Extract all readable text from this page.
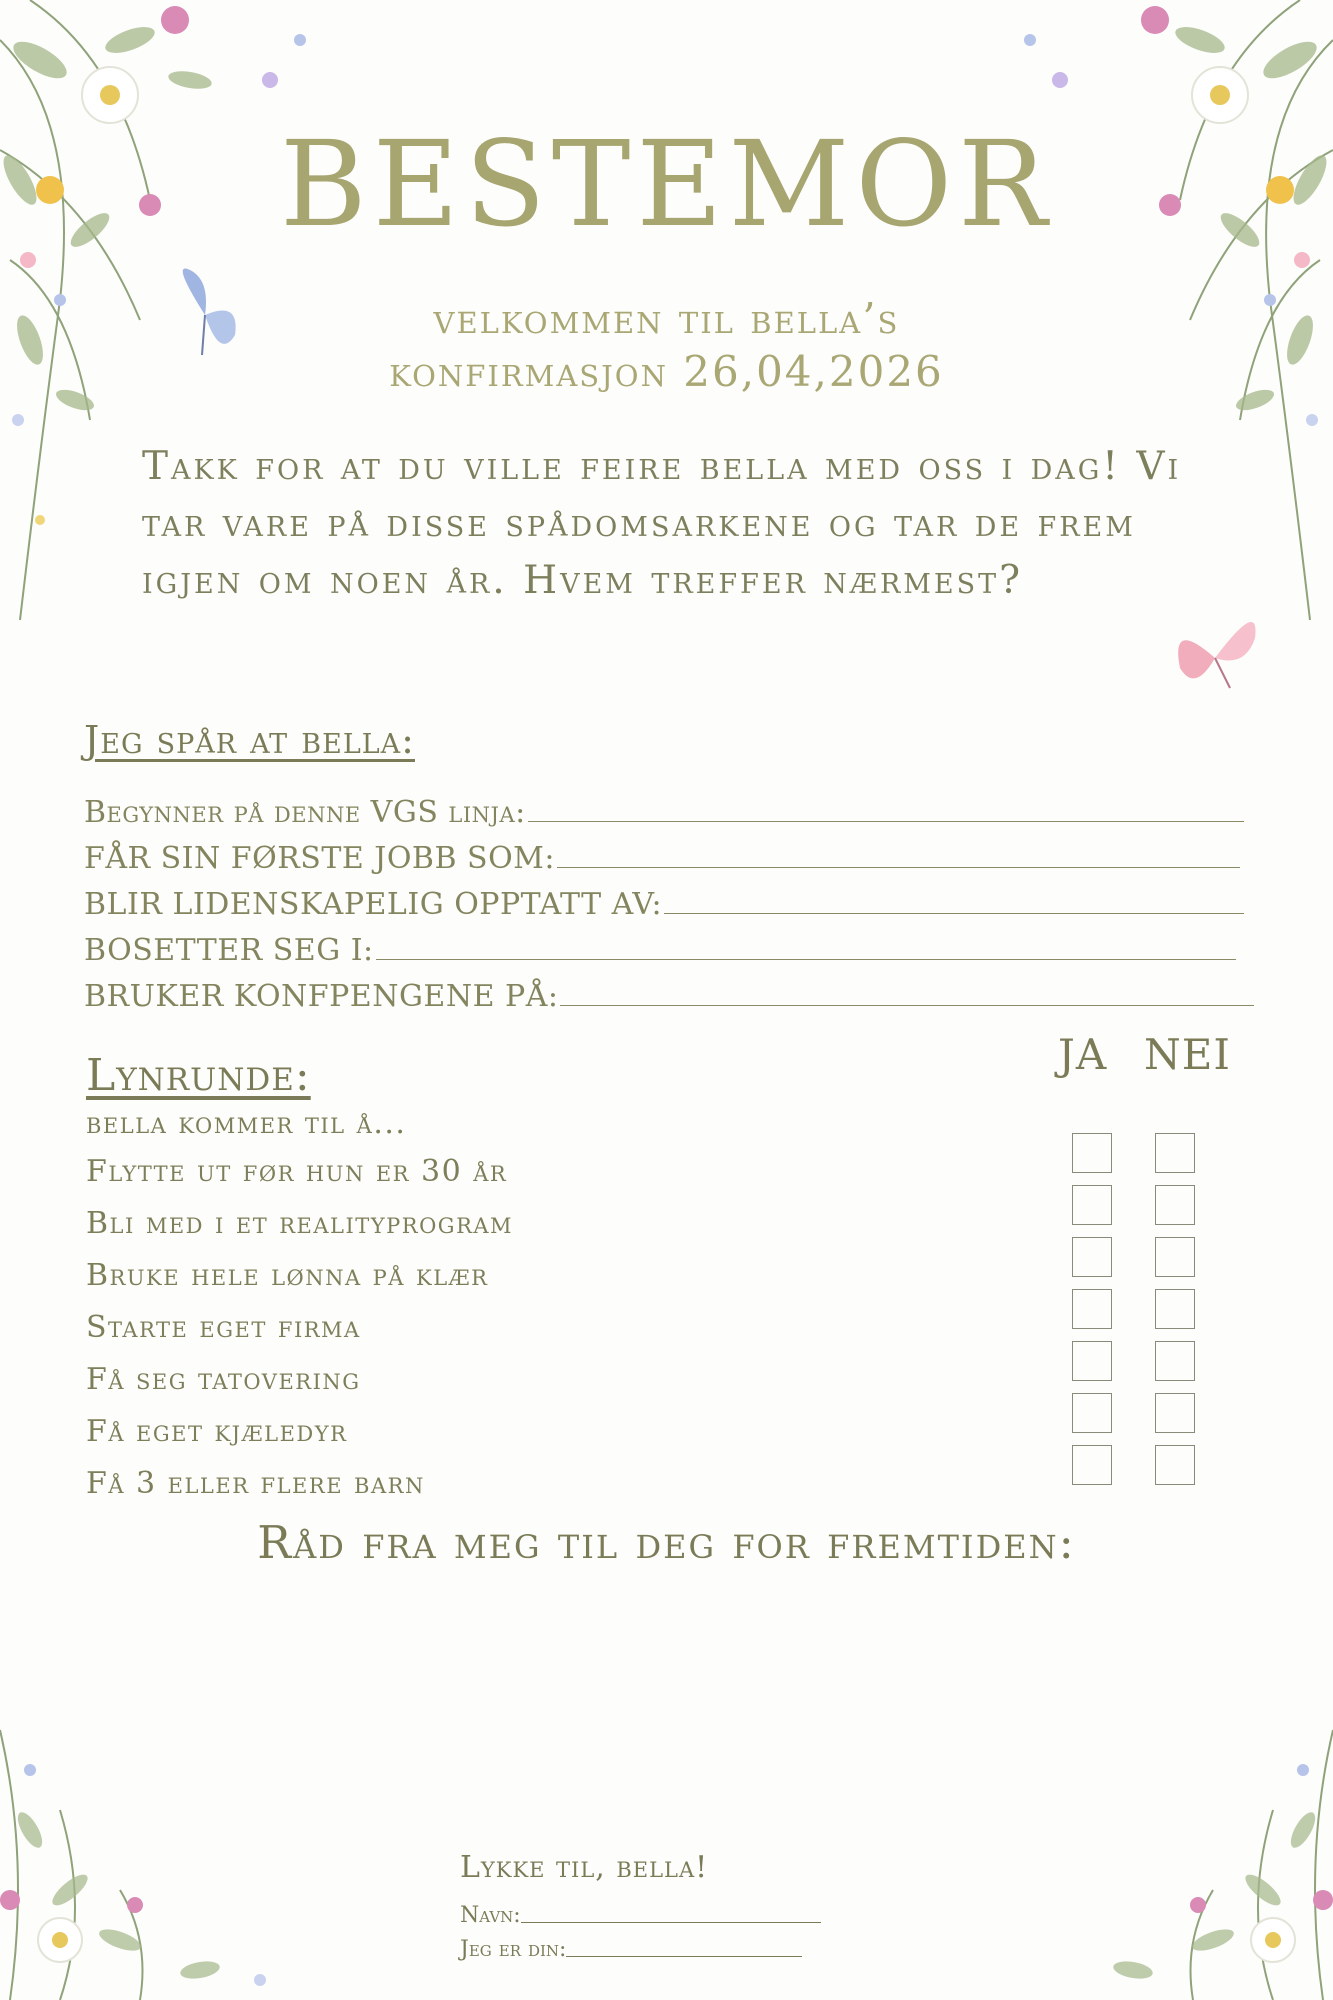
BESTEMOR
velkommen til bella’s
konfirmasjon 26,04,2026
Takk for at du ville feire bella med oss i dag! Vi tar vare på disse spådomsarkene og tar de frem igjen om noen år. Hvem treffer nærmest?
Jeg spår at bella:
Begynner på denne VGS linja:
FÅR SIN FØRSTE JOBB SOM:
BLIR LIDENSKAPELIG OPPTATT AV:
BOSETTER SEG I:
BRUKER KONFPENGENE PÅ:
Lynrunde:	JA NEI
bella kommer til å...
Flytte ut før hun er 30 år
Bli med i et realityprogram
Bruke hele lønna på klær
Starte eget firma
Få seg tatovering
Få eget kjæledyr
Få 3 eller flere barn
Råd fra meg til deg for fremtiden:
Lykke til, bella!
Navn:
Jeg er din:
